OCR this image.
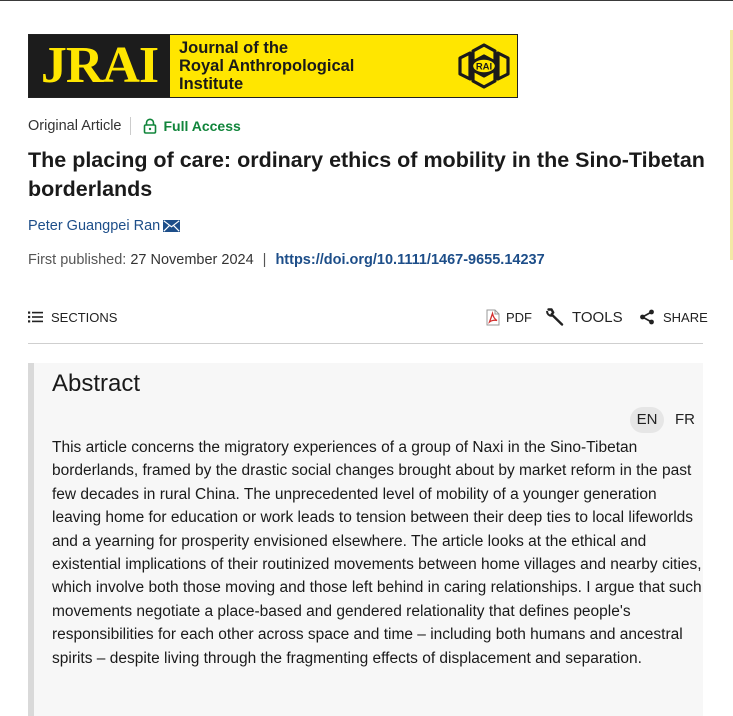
JRAI	Journal of the
Royal Anthropological
Institute
RAI
Original Article	Full Access
The placing of care: ordinary ethics of mobility in the Sino-Tibetan borderlands
Peter Guangpei Ran
First published: 27 November 2024 | https://doi.org/10.1111/1467-9655.14237
SECTIONS	PDF	TOOLS	SHARE
Abstract
EN	FR

This article concerns the migratory experiences of a group of Naxi in the Sino-Tibetan borderlands, framed by the drastic social changes brought about by market reform in the past few decades in rural China. The unprecedented level of mobility of a younger generation leaving home for education or work leads to tension between their deep ties to local lifeworlds and a yearning for prosperity envisioned elsewhere. The article looks at the ethical and existential implications of their routinized movements between home villages and nearby cities, which involve both those moving and those left behind in caring relationships. I argue that such movements negotiate a place-based and gendered relationality that defines people's responsibilities for each other across space and time – including both humans and ancestral spirits – despite living through the fragmenting effects of displacement and separation.
